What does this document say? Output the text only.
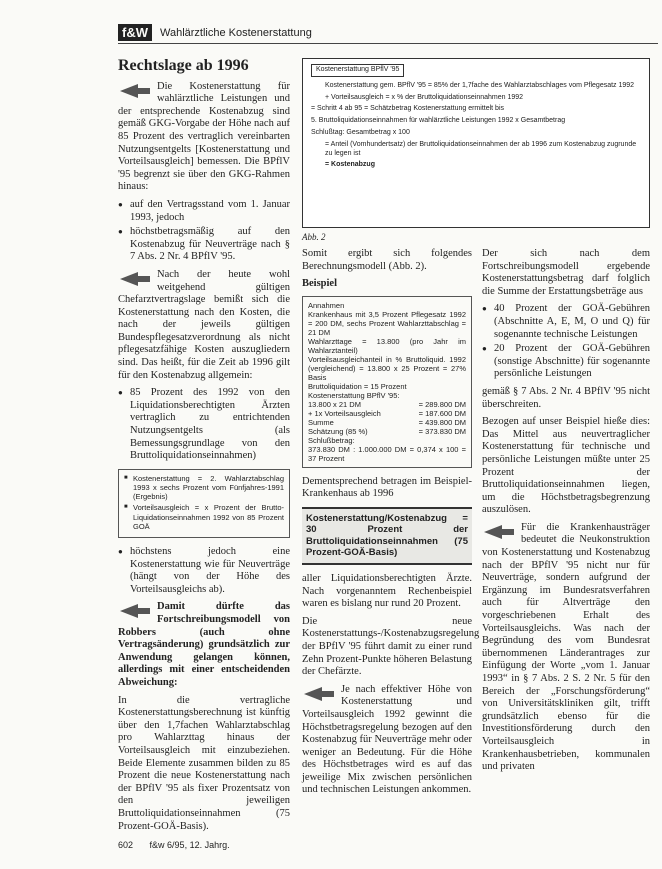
f&W	Wahlärztliche Kostenerstattung
Rechtslage ab 1996

Die Kostenerstattung für wahlärztliche Leistungen und der entsprechende Kostenabzug sind gemäß GKG-Vorgabe der Höhe nach auf 85 Prozent des vertraglich vereinbarten Nutzungsentgelts [Kostenerstattung und Vorteilsausgleich] bemessen. Die BPflV '95 begrenzt sie über den GKG-Rahmen hinaus:

● auf den Vertragsstand vom 1. Januar 1993, jedoch
● höchstbetragsmäßig auf den Kostenabzug für Neuverträge nach § 7 Abs. 2 Nr. 4 BPflV '95.

Nach der heute wohl weitgehend gültigen Chefarztvertragslage bemißt sich die Kostenerstattung nach den Kosten, die nach der jeweils gültigen Bundespflegesatzverordnung als nicht pflegesatzfähige Kosten auszugliedern sind. Das heißt, für die Zeit ab 1996 gilt für den Kostenabzug allgemein:

● 85 Prozent des 1992 von den Liquidationsberechtigten Ärzten vertraglich zu entrichtenden Nutzungsentgelts (als Bemessungsgrundlage von den Bruttoliquidationseinnahmen)
■ Kostenerstattung = 2. Wahlarztabschlag 1993 x sechs Prozent vom Fünfjahres-1991 (Ergebnis)
■ Vorteilsausgleich = x Prozent der Brutto-Liquidationseinnahmen 1992 von 85 Prozent GOÄ
● höchstens jedoch eine Kostenerstattung wie für Neuverträge (hängt von der Höhe des Vorteilsausgleichs ab).

Damit dürfte das Fortschreibungsmodell von Robbers (auch ohne Vertragsänderung) grundsätzlich zur Anwendung gelangen können, allerdings mit einer entscheidenden Abweichung:

In die vertragliche Kostenerstattungsberechnung ist künftig über den 1,7fachen Wahlarztabschlag pro Wahlarzttag hinaus der Vorteilsausgleich mit einzubeziehen. Beide Elemente zusammen bilden zu 85 Prozent die neue Kostenerstattung nach der BPflV '95 als fixer Prozentsatz von den jeweiligen Bruttoliquidationseinnahmen (75 Prozent-GOÄ-Basis).

Kostenerstattung BPflV '95
Kostenerstattung gem. BPflV '95 = 85% der 1,7fache des Wahlarztabschlages vom Pflegesatz 1992
+ Vorteilsausgleich = x % der Bruttoliquidationseinnahmen 1992
= Schritt 4 ab 95 = Schätzbetrag Kostenerstattung ermittelt bis
5. Bruttoliquidationseinnahmen für wahlärztliche Leistungen 1992 x Gesamtbetrag
Schlußtag: Gesamtbetrag x 100
= Anteil (Vomhundertsatz) der Bruttoliquidationseinnahmen der ab 1996 zum Kostenabzug zugrunde zu legen ist
= Kostenabzug
Abb. 2

Somit ergibt sich folgendes Berechnungsmodell (Abb. 2).

Beispiel

Annahmen
Krankenhaus mit 3,5 Prozent Pflegesatz 1992 = 200 DM, sechs Prozent Wahlarzttabschlag = 21 DM
Wahlarzttage = 13.800 (pro Jahr im Wahlarztanteil)
Vorteilsausgleichanteil in % Bruttoliquid. 1992 (vergleichend) = 13.800 x 25 Prozent = 27% Basis
Bruttoliquidation = 15 Prozent
Kostenerstattung BPflV '95:
13.800 x 21 DM	= 289.800 DM
+ 1x Vorteilsausgleich	= 187.600 DM
Summe	= 439.800 DM
Schätzung (85 %)	= 373.830 DM
Schlußbetrag:
373.830 DM : 1.000.000 DM = 0,374 x 100 = 37 Prozent

Dementsprechend betragen im Beispiel-Krankenhaus ab 1996

Kostenerstattung/Kostenabzug = 30 Prozent der Bruttoliquidationseinnahmen (75 Prozent-GOÄ-Basis)

aller Liquidationsberechtigten Ärzte. Nach vorgenanntem Rechenbeispiel waren es bislang nur rund 20 Prozent.

Die neue Kostenerstattungs-/Kostenabzugsregelung der BPflV '95 führt damit zu einer rund Zehn Prozent-Punkte höheren Belastung der Chefärzte.

Je nach effektiver Höhe von Kostenerstattung und Vorteilsausgleich 1992 gewinnt die Höchstbetragsregelung bezogen auf den Kostenabzug für Neuverträge mehr oder weniger an Bedeutung. Für die Höhe des Höchstbetrages wird es auf das jeweilige Mix zwischen persönlichen und technischen Leistungen ankommen.

Der sich nach dem Fortschreibungsmodell ergebende Kostenerstattungsbetrag darf folglich die Summe der Erstattungsbeträge aus

● 40 Prozent der GOÄ-Gebühren (Abschnitte A, E, M, O und Q) für sogenannte technische Leistungen
● 20 Prozent der GOÄ-Gebühren (sonstige Abschnitte) für sogenannte persönliche Leistungen

gemäß § 7 Abs. 2 Nr. 4 BPflV '95 nicht überschreiten.

Bezogen auf unser Beispiel hieße dies: Das Mittel aus neuvertraglicher Kostenerstattung für technische und persönliche Leistungen müßte unter 25 Prozent der Bruttoliquidationseinnahmen liegen, um die Höchstbetragsbegrenzung auszulösen.

Für die Krankenhausträger bedeutet die Neukonstruktion von Kostenerstattung und Kostenabzug nach der BPflV '95 nicht nur für Neuverträge, sondern aufgrund der Ergänzung im Bundesratsverfahren auch für Altverträge den vorgeschriebenen Erhalt des Vorteilsausgleichs. Was nach der Begründung des vom Bundesrat übernommenen Länderantrages zur Einfügung der Worte „vom 1. Januar 1993“ in § 7 Abs. 2 S. 2 Nr. 5 für den Bereich der „Forschungsförderung“ von Universitätskliniken gilt, trifft grundsätzlich ebenso für die Investitionsförderung durch den Vorteilsausgleich in Krankenhausbetrieben, kommunalen und privaten

602 f&w 6/95, 12. Jahrg.
